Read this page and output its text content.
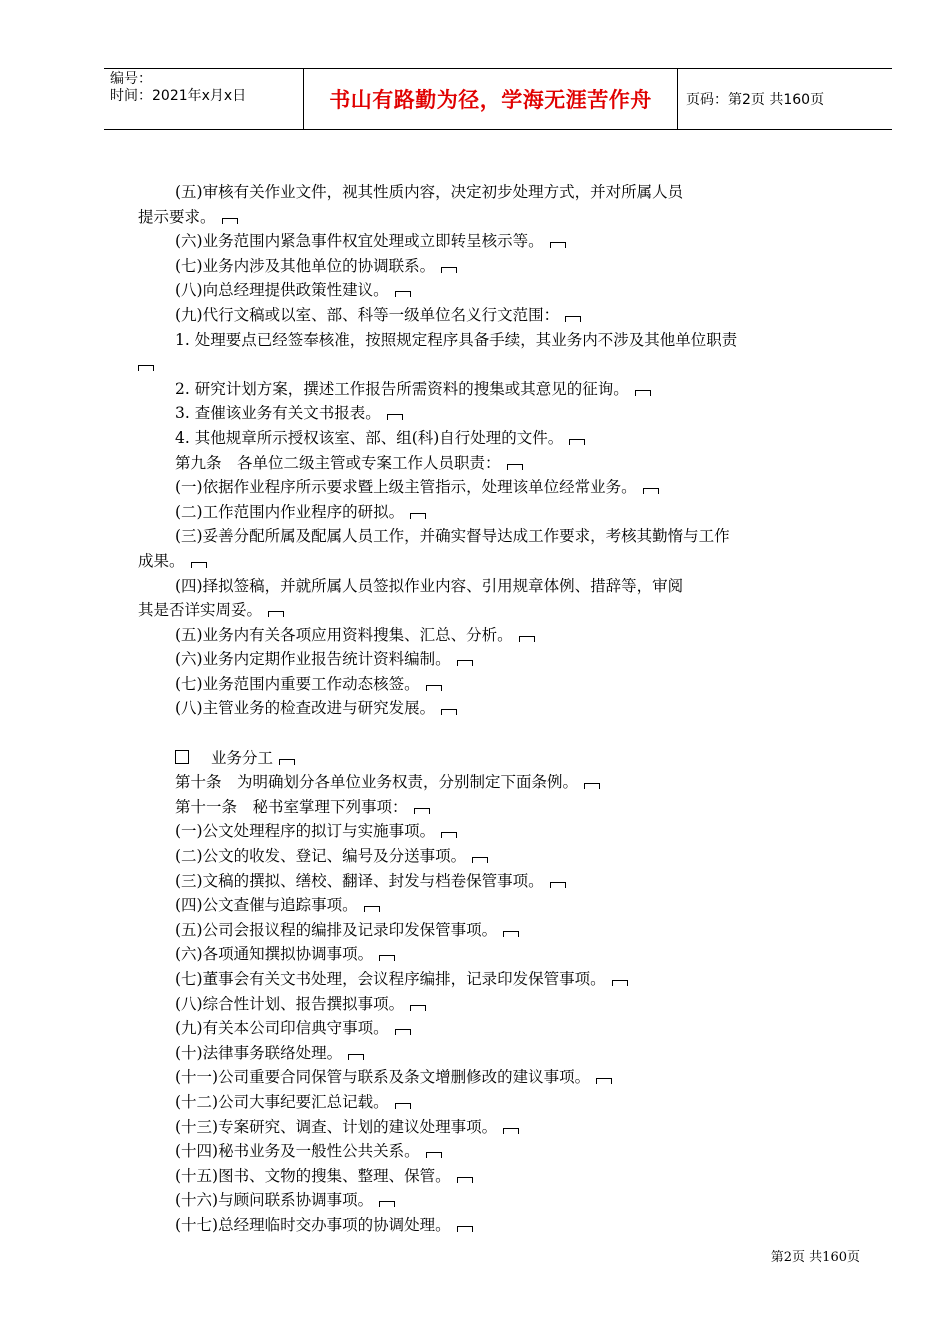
编号：
时间：2021年x月x日	书山有路勤为径，学海无涯苦作舟	页码：第2页 共160页
(五)审核有关作业文件，视其性质内容，决定初步处理方式，并对所属人员
提示要求。
(六)业务范围内紧急事件权宜处理或立即转呈核示等。
(七)业务内涉及其他单位的协调联系。
(八)向总经理提供政策性建议。
(九)代行文稿或以室、部、科等一级单位名义行文范围：
1. 处理要点已经签奉核准，按照规定程序具备手续，其业务内不涉及其他单位职责
2. 研究计划方案，撰述工作报告所需资料的搜集或其意见的征询。
3. 查催该业务有关文书报表。
4. 其他规章所示授权该室、部、组(科)自行处理的文件。
第九条　各单位二级主管或专案工作人员职责：
(一)依据作业程序所示要求暨上级主管指示，处理该单位经常业务。
(二)工作范围内作业程序的研拟。
(三)妥善分配所属及配属人员工作，并确实督导达成工作要求，考核其勤惰与工作
成果。
(四)择拟签稿，并就所属人员签拟作业内容、引用规章体例、措辞等，审阅
其是否详实周妥。
(五)业务内有关各项应用资料搜集、汇总、分析。
(六)业务内定期作业报告统计资料编制。
(七)业务范围内重要工作动态核签。
(八)主管业务的检查改进与研究发展。
业务分工
第十条　为明确划分各单位业务权责，分别制定下面条例。
第十一条　秘书室掌理下列事项：
(一)公文处理程序的拟订与实施事项。
(二)公文的收发、登记、编号及分送事项。
(三)文稿的撰拟、缮校、翻译、封发与档卷保管事项。
(四)公文查催与追踪事项。
(五)公司会报议程的编排及记录印发保管事项。
(六)各项通知撰拟协调事项。
(七)董事会有关文书处理，会议程序编排，记录印发保管事项。
(八)综合性计划、报告撰拟事项。
(九)有关本公司印信典守事项。
(十)法律事务联络处理。
(十一)公司重要合同保管与联系及条文增删修改的建议事项。
(十二)公司大事纪要汇总记载。
(十三)专案研究、调查、计划的建议处理事项。
(十四)秘书业务及一般性公共关系。
(十五)图书、文物的搜集、整理、保管。
(十六)与顾问联系协调事项。
(十七)总经理临时交办事项的协调处理。
第2页 共160页
